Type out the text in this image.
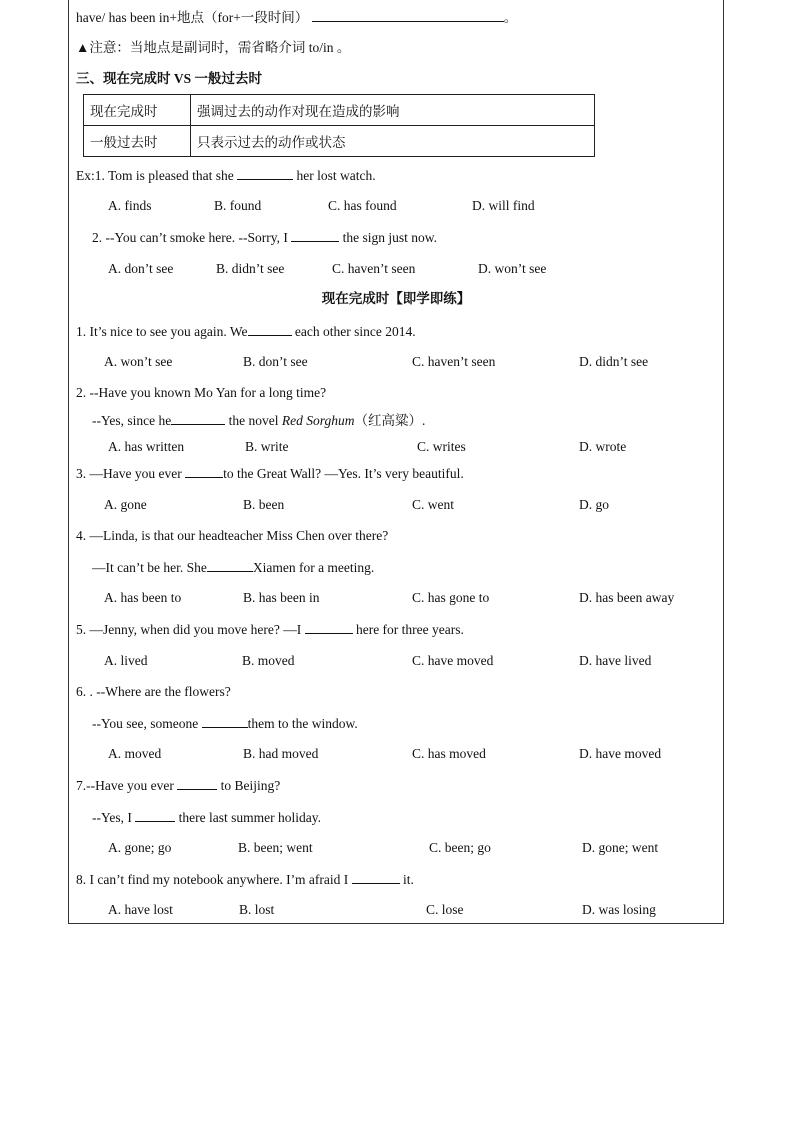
have/ has been in+地点（for+一段时间）	。
▲注意：当地点是副词时，需省略介词 to/in 。
三、现在完成时 VS 一般过去时
现在完成时	强调过去的动作对现在造成的影响
一般过去时	只表示过去的动作或状态
Ex:1. Tom is pleased that she	her lost watch.
A. finds	B. found	C. has found	D. will find
2. --You can’t smoke here. --Sorry, I	the sign just now.
A. don’t see	B. didn’t see	C. haven’t seen	D. won’t see
现在完成时【即学即练】
1. It’s nice to see you again. We	each other since 2014.
A. won’t see	B. don’t see	C. haven’t seen	D. didn’t see
2. --Have you known Mo Yan for a long time?
--Yes, since he	the novel Red Sorghum（红高粱）.
A. has written	B. write	C. writes	D. wrote
3. —Have you ever	to the Great Wall? —Yes. It’s very beautiful.
A. gone	B. been	C. went	D. go
4. —Linda, is that our headteacher Miss Chen over there?
—It can’t be her. She	Xiamen for a meeting.
A. has been to	B. has been in	C. has gone to	D. has been away
5. —Jenny, when did you move here? —I	here for three years.
A. lived	B. moved	C. have moved	D. have lived
6. . --Where are the flowers?
--You see, someone	them to the window.
A. moved	B. had moved	C. has moved	D. have moved
7.--Have you ever	to Beijing?
--Yes, I	there last summer holiday.
A. gone; go	B. been; went	C. been; go	D. gone; went
8. I can’t find my notebook anywhere. I’m afraid I	it.
A. have lost	B. lost	C. lose	D. was losing
